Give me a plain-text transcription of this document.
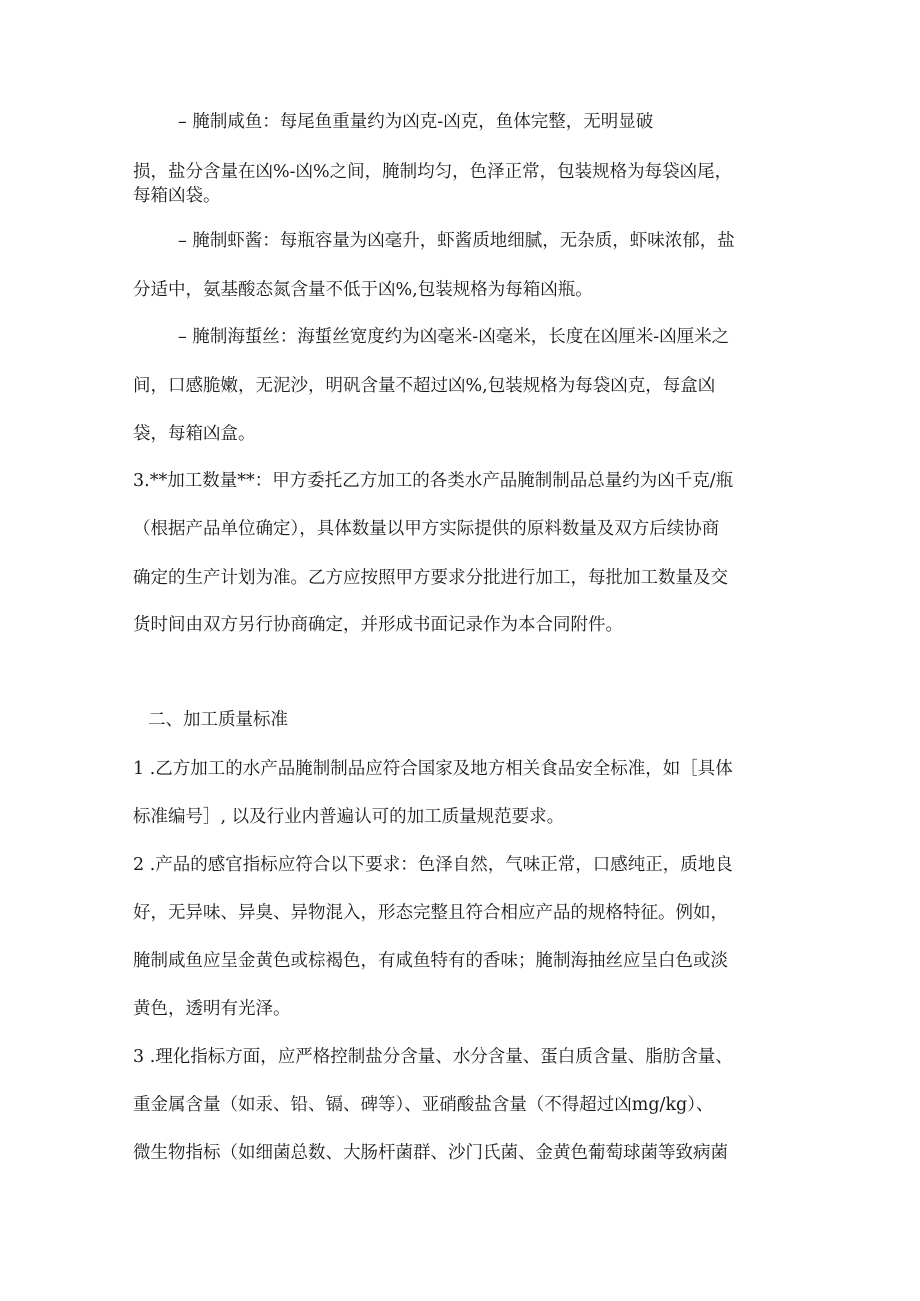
– 腌制咸鱼：每尾鱼重量约为凶克-凶克，鱼体完整，无明显破
损，盐分含量在凶%-凶%之间，腌制均匀，色泽正常，包装规格为每袋凶尾，
每箱凶袋。
– 腌制虾酱：每瓶容量为凶毫升，虾酱质地细腻，无杂质，虾味浓郁，盐
分适中，氨基酸态氮含量不低于凶%,包装规格为每箱凶瓶。
– 腌制海蜇丝：海蜇丝宽度约为凶毫米-凶毫米，长度在凶厘米-凶厘米之
间，口感脆嫩，无泥沙，明矾含量不超过凶%,包装规格为每袋凶克，每盒凶
袋，每箱凶盒。
3.**加工数量**：甲方委托乙方加工的各类水产品腌制制品总量约为凶千克/瓶
（根据产品单位确定），具体数量以甲方实际提供的原料数量及双方后续协商
确定的生产计划为准。乙方应按照甲方要求分批进行加工，每批加工数量及交
货时间由双方另行协商确定，并形成书面记录作为本合同附件。
二、加工质量标准
1 .乙方加工的水产品腌制制品应符合国家及地方相关食品安全标准，如［具体
标准编号］, 以及行业内普遍认可的加工质量规范要求。
2 .产品的感官指标应符合以下要求：色泽自然，气味正常，口感纯正，质地良
好，无异味、异臭、异物混入，形态完整且符合相应产品的规格特征。例如，
腌制咸鱼应呈金黄色或棕褐色，有咸鱼特有的香味；腌制海抽丝应呈白色或淡
黄色，透明有光泽。
3 .理化指标方面，应严格控制盐分含量、水分含量、蛋白质含量、脂肪含量、
重金属含量（如汞、铅、镉、碑等）、亚硝酸盐含量（不得超过凶mg/kg）、
微生物指标（如细菌总数、大肠杆菌群、沙门氏菌、金黄色葡萄球菌等致病菌
